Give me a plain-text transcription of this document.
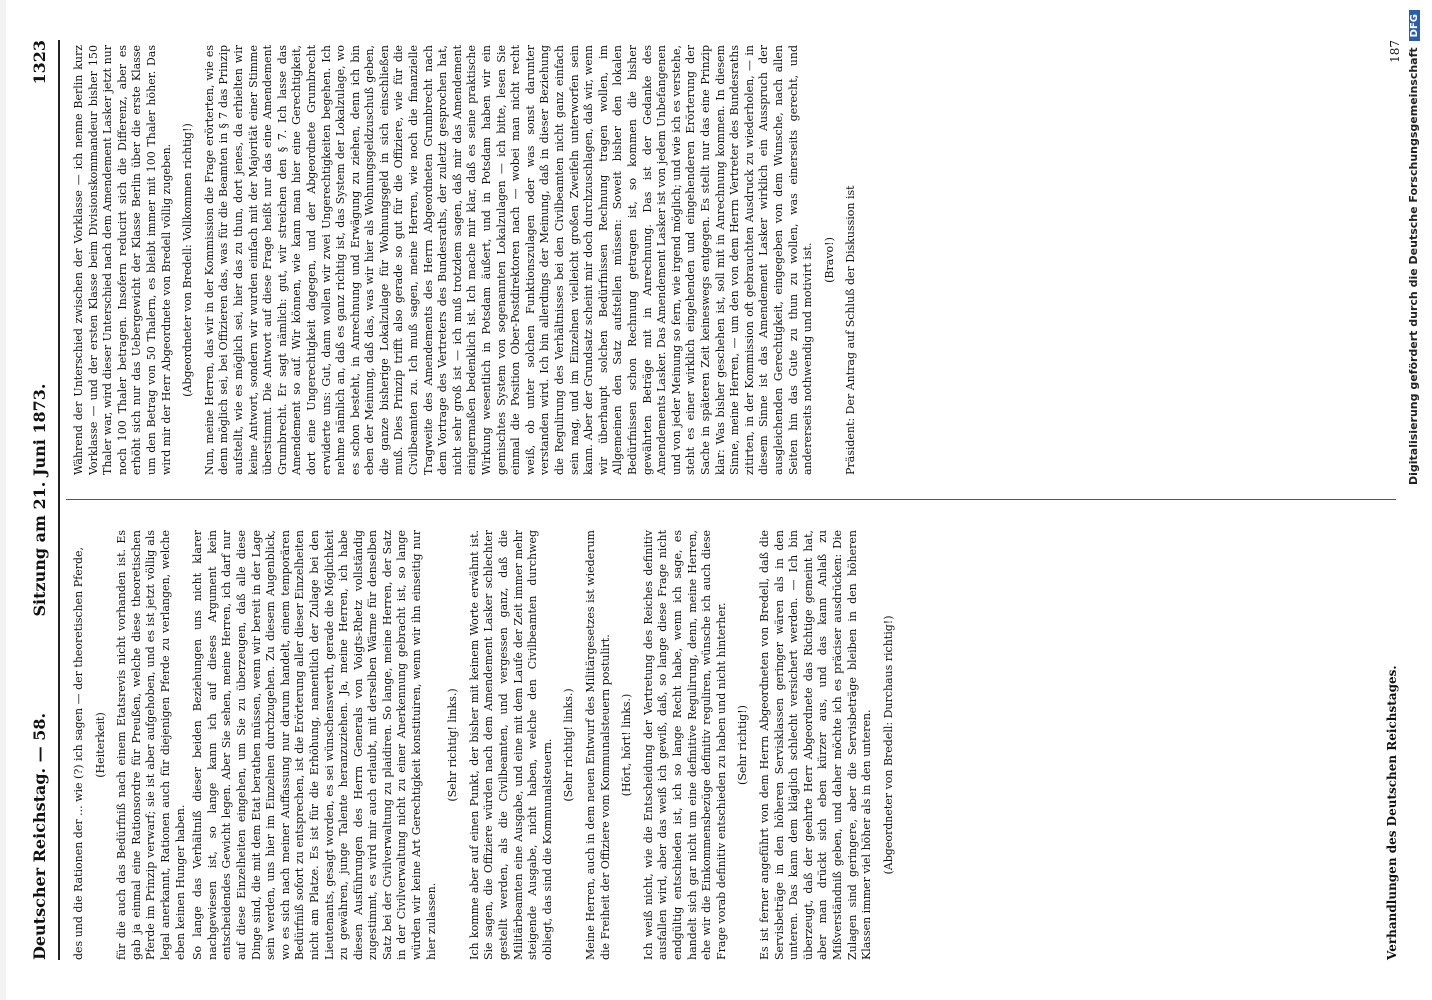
Deutscher Reichstag. — 58.
Sitzung am 21. Juni 1873.
1323

des und die Rationen der ... wie (?) ich sagen — der theoretischen Pferde, (Heiterkeit) für die auch das Bedürfniß nach einem Etatsrevis nicht vorhanden ist. Es gab ja einmal eine Rationsordre für Preußen, welche diese theoretischen Pferde im Prinzip verwarf; sie ist aber aufgehoben, und es ist jetzt völlig als legal anerkannt, Rationen auch für diejenigen Pferde zu verlangen, welche eben keinen Hunger haben. So lange das Verhältniß dieser beiden Beziehungen uns nicht klarer nachgewiesen ist, so lange kann ich auf dieses Argument kein entscheidendes Gewicht legen. Aber Sie sehen, meine Herren, ich darf nur auf diese Einzelheiten eingehen, um Sie zu überzeugen, daß alle diese Dinge sind, die mit dem Etat berathen müssen, wenn wir bereit in der Lage sein werden, uns hier im Einzelnen durchzugehen. Zu diesem Augenblick, wo es sich nach meiner Auffassung nur darum handelt, einem temporären Bedürfniß sofort zu entsprechen, ist die Erörterung aller dieser Einzelheiten nicht am Platze. Es ist für die Erhöhung, namentlich der Zulage bei den Lieutenants, gesagt worden, es sei wünschenswerth, gerade die Möglichkeit zu gewähren, junge Talente heranzuziehen. Ja, meine Herren, ich habe diesen Ausführungen des Herrn Generals von Voigts-Rhetz vollständig zugestimmt, es wird mir auch erlaubt, mit derselben Wärme für denselben Satz bei der Civilverwaltung zu plaidiren. So lange, meine Herren, der Satz in der Civilverwaltung nicht zu einer Anerkennung gebracht ist, so lange würden wir keine Art Gerechtigkeit konstituiren, wenn wir ihn einseitig nur hier zulassen.

(Sehr richtig! links.) Ich komme aber auf einen Punkt, der bisher mit keinem Worte erwähnt ist. Sie sagen, die Offiziere würden nach dem Amendement Lasker schlechter gestellt werden, als die Civilbeamten, und vergessen ganz, daß die Militärbeamten eine Ausgabe, und eine mit dem Laufe der Zeit immer mehr steigende Ausgabe, nicht haben, welche den Civilbeamten durchweg obliegt, das sind die Kommunalsteuern. (Sehr richtig! links.) Meine Herren, auch in dem neuen Entwurf des Militärgesetzes ist wiederum die Freiheit der Offiziere vom Kommunalsteuern postulirt. (Hört, hört! links.) Ich weiß nicht, wie die Entscheidung der Vertretung des Reiches definitiv ausfallen wird, aber das weiß ich gewiß, daß, so lange diese Frage nicht endgültig entschieden ist, ich so lange Recht habe, wenn ich sage, es handelt sich gar nicht um eine definitive Regulirung, denn, meine Herren, ehe wir die Einkommensbezüge definitiv reguliren, wünsche ich auch diese Frage vorab definitiv entschieden zu haben und nicht hinterher. (Sehr richtig!) Es ist ferner angeführt von dem Herrn Abgeordneten von Bredell, daß die Servisbeträge in den höheren Servisklassen geringer wären als in den unteren. Das kann dem kläglich schlecht versichert werden. — Ich bin überzeugt, daß der geehrte Herr Abgeordnete das Richtige gemeint hat, aber man drückt sich eben kürzer aus, und das kann Anlaß zu Mißverständniß geben, und daher möchte ich es präciser ausdrücken: Die Zulagen sind geringere, aber die Servisbeträge bleiben in den höheren Klassen immer viel höher als in den unteren. (Abgeordneter von Bredell: Durchaus richtig!)

Während der Unterschied zwischen der Vorklasse — ich nenne Berlin kurz Vorklasse — und der ersten Klasse beim Divisionskommandeur bisher 150 Thaler war, wird dieser Unterschied nach dem Amendement Lasker jetzt nur noch 100 Thaler betragen. Insofern reducirt sich die Differenz, aber es erhöht sich nur das Uebergewicht der Klasse Berlin über die erste Klasse um den Betrag von 50 Thalern, es bleibt immer mit 100 Thaler höher. Das wird mir der Herr Abgeordnete von Bredell völlig zugeben. (Abgeordneter von Bredell: Vollkommen richtig!) Nun, meine Herren, das wir in der Kommission die Frage erörterten, wie es denn möglich sei, bei Offizieren das, was für die Beamten in § 7 das Prinzip aufstellt, wie es möglich sei, hier das zu thun, dort jenes, da erhielten wir keine Antwort, sondern wir wurden einfach mit der Majorität einer Stimme überstimmt. Die Antwort auf diese Frage heißt nur das eine Amendement Grumbrecht. Er sagt nämlich: gut, wir streichen den § 7. Ich lasse das Amendement so auf. Wir können, wie kann man hier eine Gerechtigkeit, dort eine Ungerechtigkeit dagegen, und der Abgeordnete Grumbrecht erwiderte uns: Gut, dann wollen wir zwei Ungerechtigkeiten begehen. Ich nehme nämlich an, daß es ganz richtig ist, das System der Lokalzulage, wo es schon besteht, in Anrechnung und Erwägung zu ziehen, denn ich bin eben der Meinung, daß das, was wir hier als Wohnungsgeldzuschuß geben, die ganze bisherige Lokalzulage für Wohnungsgeld in sich einschließen muß. Dies Prinzip trifft also gerade so gut für die Offiziere, wie für die Civilbeamten zu. Ich muß sagen, meine Herren, wie noch die finanzielle Tragweite des Amendements des Herrn Abgeordneten Grumbrecht nach dem Vortrage des Vertreters des Bundesraths, der zuletzt gesprochen hat, nicht sehr groß ist — ich muß trotzdem sagen, daß mir das Amendement einigermaßen bedenklich ist. Ich mache mir klar, daß es seine praktische Wirkung wesentlich in Potsdam äußert, und in Potsdam haben wir ein gemischtes System von sogenannten Lokalzulagen — ich bitte, lesen Sie einmal die Position Ober-Postdirektoren nach — wobei man nicht recht weiß, ob unter solchen Funktionszulagen oder was sonst darunter verstanden wird. Ich bin allerdings der Meinung, daß in dieser Beziehung die Regulirung des Verhältnisses bei den Civilbeamten nicht ganz einfach sein mag, und im Einzelnen vielleicht großen Zweifeln unterworfen sein kann. Aber der Grundsatz scheint mir doch durchzuschlagen, daß wir, wenn wir überhaupt solchen Bedürfnissen Rechnung tragen wollen, im Allgemeinen den Satz aufstellen müssen: Soweit bisher den lokalen Bedürfnissen schon Rechnung getragen ist, so kommen die bisher gewährten Beträge mit in Anrechnung. Das ist der Gedanke des Amendements Lasker. Das Amendement Lasker ist von jedem Unbefangenen und von jeder Meinung so fern, wie irgend möglich; und wie ich es verstehe, steht es einer wirklich eingehenden und eingehenderen Erörterung der Sache in späteren Zeit keineswegs entgegen. Es stellt nur das eine Prinzip klar: Was bisher geschehen ist, soll mit in Anrechnung kommen. In diesem Sinne, meine Herren, — um den von dem Herrn Vertreter des Bundesraths zitirten, in der Kommission oft gebrauchten Ausdruck zu wiederholen, — in diesem Sinne ist das Amendement Lasker wirklich ein Ausspruch der ausgleichenden Gerechtigkeit, eingegeben von dem Wunsche, nach allen Seiten hin das Gute zu thun zu wollen, was einerseits gerecht, und andererseits nothwendig und motivirt ist. (Bravo!) Präsident: Der Antrag auf Schluß der Diskussion ist

Verhandlungen des Deutschen Reichstages.
187 Digitalisierung gefördert durch die Deutsche ForschungsgemeinschaftDFG
